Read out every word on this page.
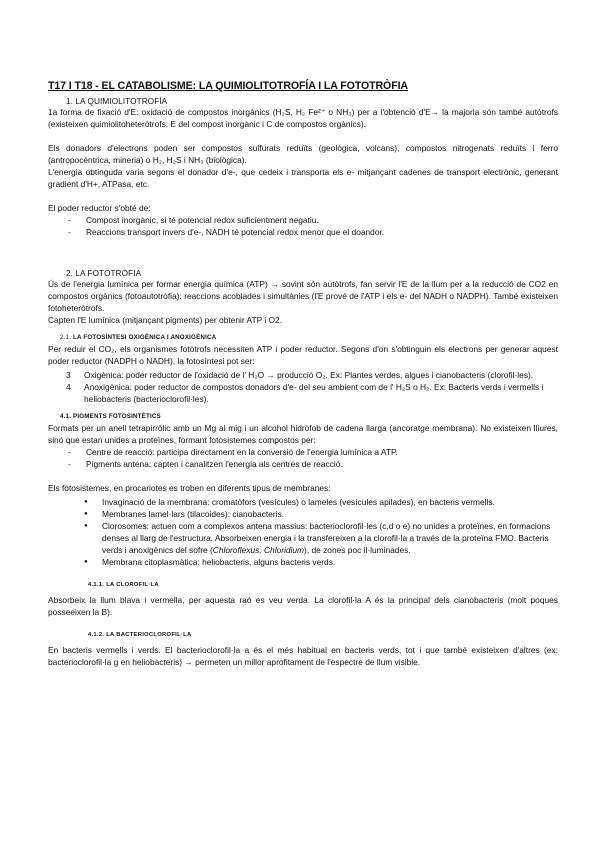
T17 I T18 - EL CATABOLISME: LA QUIMIOLITOTROFÍA I LA FOTOTRÒFIA
1. LA QUIMIOLITOTROFÍA

1a forma de fixació d'E: oxidació de compostos inorgànics (H₂S, H₂ Fe²⁺ o NH₃) per a l'obtenció d'E→ la majoria són també autòtrofs (existeixen quimiolitoheteròtrofs: E del compost inorgànic i C de compostos orgànics).

Els donadors d'electrons poden ser compostos sulfurats reduïts (geològica, volcans), compostos nitrogenats reduïts i ferro (antropocèntrica, mineria) o H₂, H₂S i NH₃ (biològica).

L'energia obtinguda varia segons el donador d'e-, que cedeix i transporta els e- mitjançant cadenes de transport electrònic, generant gradient d'H+, ATPasa, etc.

El poder reductor s'obté de:

- Compost inorgànic, si té potencial redox suficientment negatiu.
- Reaccions transport invers d'e-, NADH té potencial redox menor que el doandor.
2. LA FOTOTRÒFIA

Ús de l'energia lumínica per formar energia química (ATP) → sovint són autòtrofs, fan servir l'E de la llum per a la reducció de CO2 en compostos orgànics (fotoautotròfia): reaccions acoblades i simultànies (l'E prové de l'ATP i els e- del NADH o NADPH). També existeixen fotoheteròtrofs.

Capten l'E lumínica (mitjançant pigments) per obtenir ATP i O2.

2.1. LA FOTOSÍNTESI OXIGÈNICA I ANOXIGÈNICA

Per reduir el CO₂, els organismes fotòtrofs necessiten ATP i poder reductor. Segons d'on s'obtinguin els electrons per generar aquest poder reductor (NADPH o NADH), la fotosíntesi pot ser:

3 Oxigènica: poder reductor de l'oxidació de l' H₂O → producció O₂. Ex: Plantes verdes, algues i cianobacteris (clorofil·les).
4 Anoxigènica: poder reductor de compostos donadors d'e- del seu ambient com de l' H₂S o H₂. Ex: Bacteris verds i vermells i heliobacteris (bacterioclorofil·les).
4.1. PIGMENTS FOTOSINTÈTICS

Formats per un anell tetrapirròlic amb un Mg al mig i un alcohol hidròfob de cadena llarga (ancoratge membrana). No existeixen lliures, sinó que estan unides a proteïnes, formant fotosistemes compostos per:

- Centre de reacció: participa directament en la conversió de l'energia lumínica a ATP.
- Pigments antena: capten i canalitzen l'energia als centres de reacció.

Els fotosistemes, en procariotes es troben en diferents tipus de membranes:

● Invaginació de la membrana: cromatòfors (vesícules) o lameles (vesícules apilades), en bacteris vermells.
● Membranes lamel·lars (tilacoides): cianobacteris.
● Clorosomes: actuen com a complexos antena massius: bacterioclorofil·les (c,d o e) no unides a proteïnes, en formacions denses al llarg de l'estructura. Absorbeixen energia i la transfereixen a la clorofil·la a través de la proteïna FMO. Bacteris verds i anoxigènics del sofre (Chloroflexus, Chloridium), de zones poc il·luminades.
● Membrana citoplasmàtica: heliobacteris, alguns bacteris verds.
4.1.1. LA CLOROFIL·LA

Absorbeix la llum blava i vermella, per aquesta raó es veu verda. La clorofil·la A és la principal dels cianobacteris (molt poques posseeixen la B).

4.1.2. LA BACTERIOCLOROFIL·LA

En bacteris vermells i verds. El bacterioclorofil·la a és el més habitual en bacteris verds, tot i que també existeixen d'altres (ex: bacterioclorofil·la g en heliobacteris) → permeten un millor aprofitament de l'espectre de llum visible.
